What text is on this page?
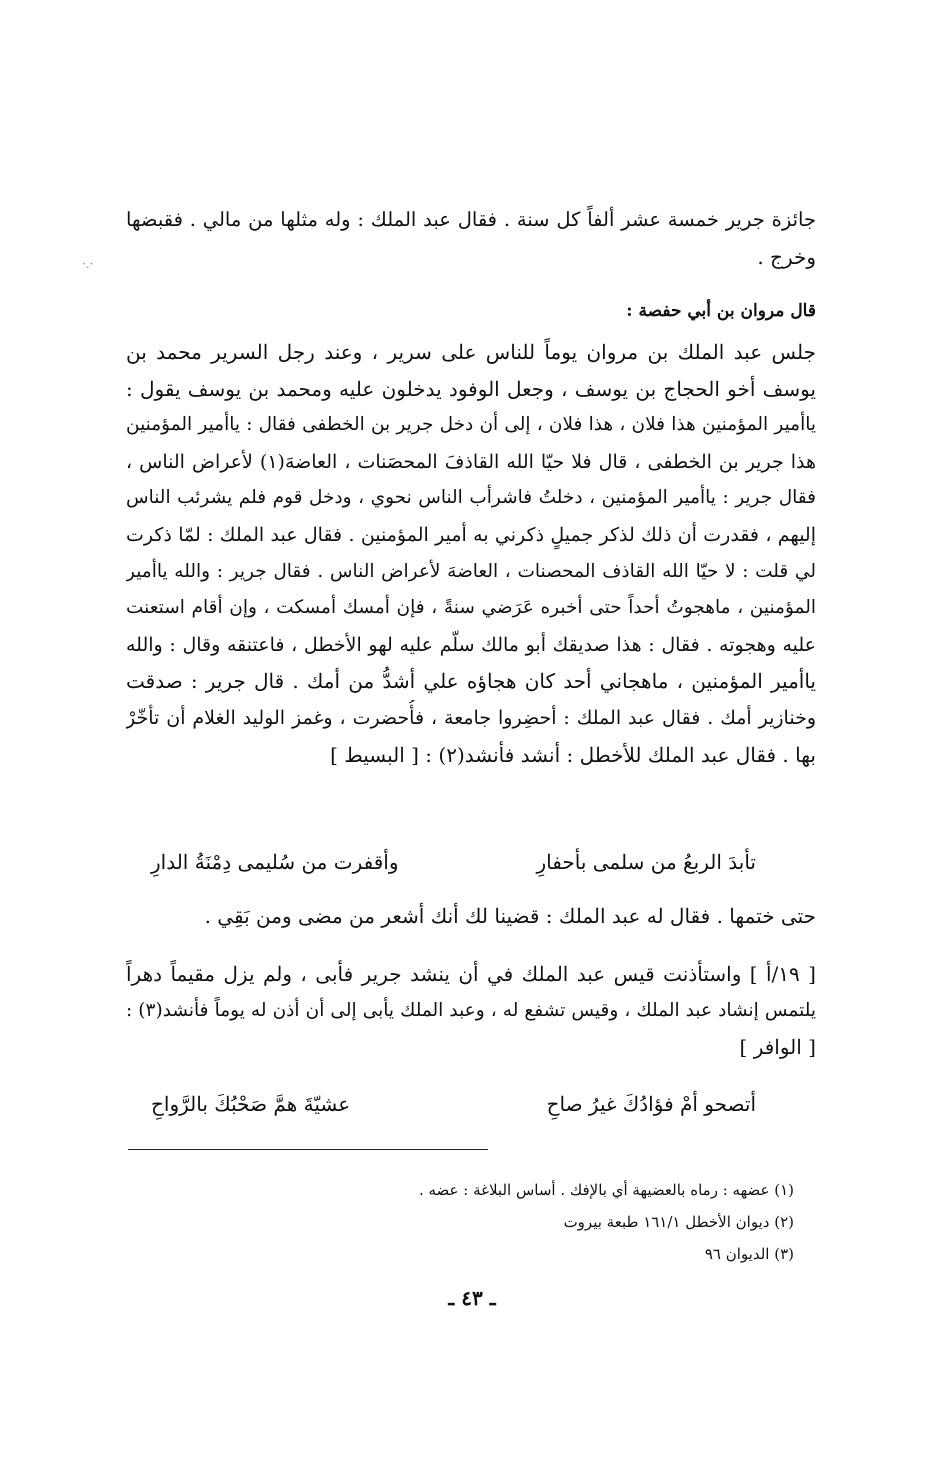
·.·
جائزة جرير خمسة عشر ألفاً كل سنة . فقال عبد الملك : وله مثلها من مالي . فقبضها
وخرج .
قال مروان بن أبي حفصة :
جلس عبد الملك بن مروان يوماً للناس على سرير ، وعند رجل السرير محمد بن
يوسف أخو الحجاج بن يوسف ، وجعل الوفود يدخلون عليه ومحمد بن يوسف يقول :
ياأمير المؤمنين هذا فلان ، هذا فلان ، إلى أن دخل جرير بن الخطفى فقال : ياأمير المؤمنين
هذا جرير بن الخطفى ، قال فلا حيّا الله القاذفَ المحصَنات ، العاضهَ(١) لأعراض الناس ،
فقال جرير : ياأمير المؤمنين ، دخلتُ فاشرأب الناس نحوي ، ودخل قوم فلم يشرئب الناس
إليهم ، فقدرت أن ذلك لذكر جميلٍ ذكرني به أمير المؤمنين . فقال عبد الملك : لمّا ذكرت
لي قلت : لا حيّا الله القاذف المحصنات ، العاضهَ لأعراض الناس . فقال جرير : والله ياأمير
المؤمنين ، ماهجوتُ أحداً حتى أخبره عَرَضي سنةً ، فإن أمسك أمسكت ، وإن أقام استعنت
عليه وهجوته . فقال : هذا صديقك أبو مالك سلّم عليه لهو الأخطل ، فاعتنقه وقال : والله
ياأمير المؤمنين ، ماهجاني أحد كان هجاؤه علي أشدُّ من أمك . قال جرير : صدقت
وخنازير أمك . فقال عبد الملك : أحضِروا جامعة ، فأُحضرت ، وغمز الوليد الغلام أن تأخّرْ
بها . فقال عبد الملك للأخطل : أنشد فأنشد(٢) : [ البسيط ]
تأبدَ الربعُ من سلمى بأحفارِ
وأقفرت من سُليمى دِمْنَةُ الدارِ
حتى ختمها . فقال له عبد الملك : قضينا لك أنك أشعر من مضى ومن بَقِي .
[ ١٩/أ ] واستأذنت قيس عبد الملك في أن ينشد جرير فأبى ، ولم يزل مقيماً دهراً
يلتمس إنشاد عبد الملك ، وقيس تشفع له ، وعبد الملك يأبى إلى أن أذن له يوماً فأنشد(٣) :
[ الوافر ]
أتصحو أمْ فؤادُكَ غيرُ صاحِ
عشيّةَ همَّ صَحْبُكَ بالرَّواحِ
(١) عضهه : رماه بالعضيهة أي بالإفك . أساس البلاغة : عضه .
(٢) ديوان الأخطل ١٦١/١ طبعة بيروت
(٣) الديوان ٩٦
ـ ٤٣ ـ
